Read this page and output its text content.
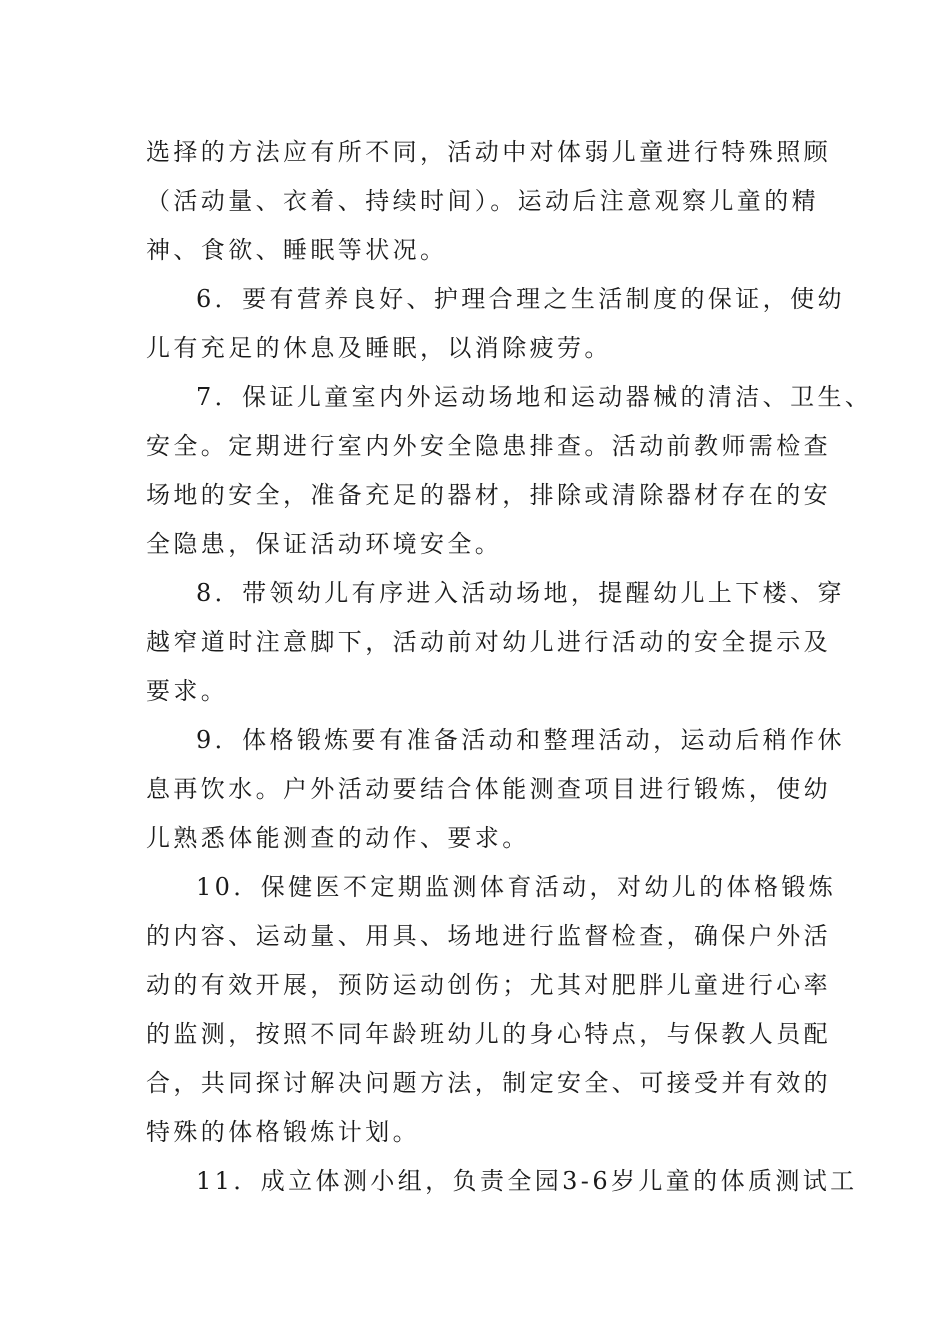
选择的方法应有所不同，活动中对体弱儿童进行特殊照顾
（活动量、衣着、持续时间）。运动后注意观察儿童的精
神、食欲、睡眠等状况。
6．要有营养良好、护理合理之生活制度的保证，使幼
儿有充足的休息及睡眠，以消除疲劳。
7．保证儿童室内外运动场地和运动器械的清洁、卫生、
安全。定期进行室内外安全隐患排查。活动前教师需检查
场地的安全，准备充足的器材，排除或清除器材存在的安
全隐患，保证活动环境安全。
8．带领幼儿有序进入活动场地，提醒幼儿上下楼、穿
越窄道时注意脚下，活动前对幼儿进行活动的安全提示及
要求。
9．体格锻炼要有准备活动和整理活动，运动后稍作休
息再饮水。户外活动要结合体能测查项目进行锻炼，使幼
儿熟悉体能测查的动作、要求。
10．保健医不定期监测体育活动，对幼儿的体格锻炼
的内容、运动量、用具、场地进行监督检查，确保户外活
动的有效开展，预防运动创伤；尤其对肥胖儿童进行心率
的监测，按照不同年龄班幼儿的身心特点，与保教人员配
合，共同探讨解决问题方法，制定安全、可接受并有效的
特殊的体格锻炼计划。
11．成立体测小组，负责全园3-6岁儿童的体质测试工
